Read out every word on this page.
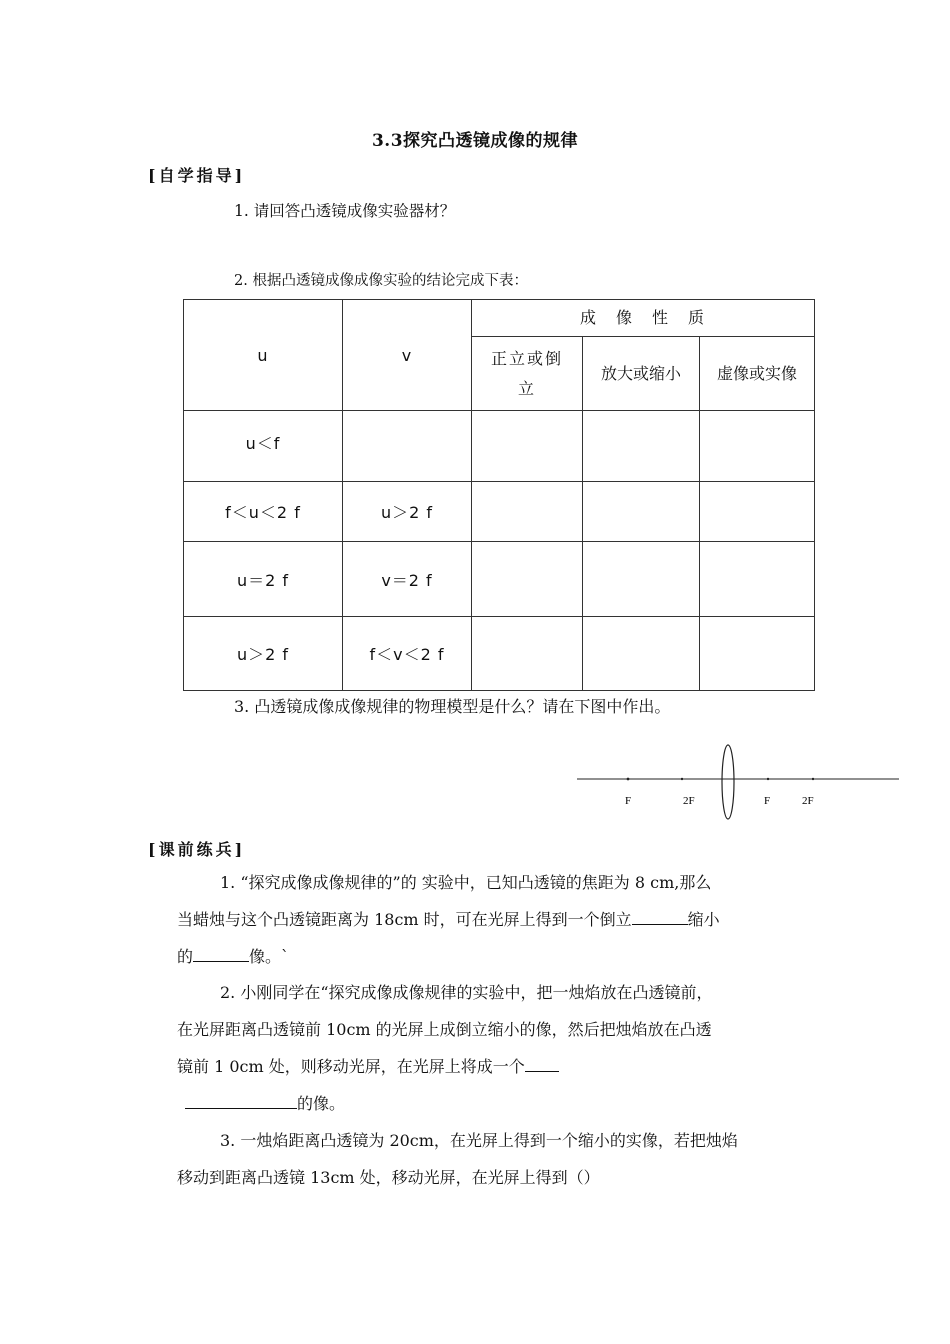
3.3探究凸透镜成像的规律
[自学指导]
1. 请回答凸透镜成像实验器材？
2. 根据凸透镜成像成像实验的结论完成下表：
u	v	成　像　性　质		
		正立或倒立	放大或缩小	虚像或实像
u＜f				
f＜u＜2 f	u＞2 f			
u＝2 f	v＝2 f			
u＞2 f	f＜v＜2 f			
3. 凸透镜成像成像规律的物理模型是什么？请在下图中作出。
F	2F	F	2F
[课前练兵]
1. “探究成像成像规律的”的 实验中，已知凸透镜的焦距为 8 cm,那么
当蜡烛与这个凸透镜距离为 18cm 时，可在光屏上得到一个倒立	缩小
的	像。`
2. 小刚同学在“探究成像成像规律的实验中，把一烛焰放在凸透镜前，
在光屏距离凸透镜前 10cm 的光屏上成倒立缩小的像，然后把烛焰放在凸透
镜前 1 0cm 处，则移动光屏，在光屏上将成一个
的像。
3. 一烛焰距离凸透镜为 20cm，在光屏上得到一个缩小的实像，若把烛焰
移动到距离凸透镜 13cm 处，移动光屏，在光屏上得到（）
